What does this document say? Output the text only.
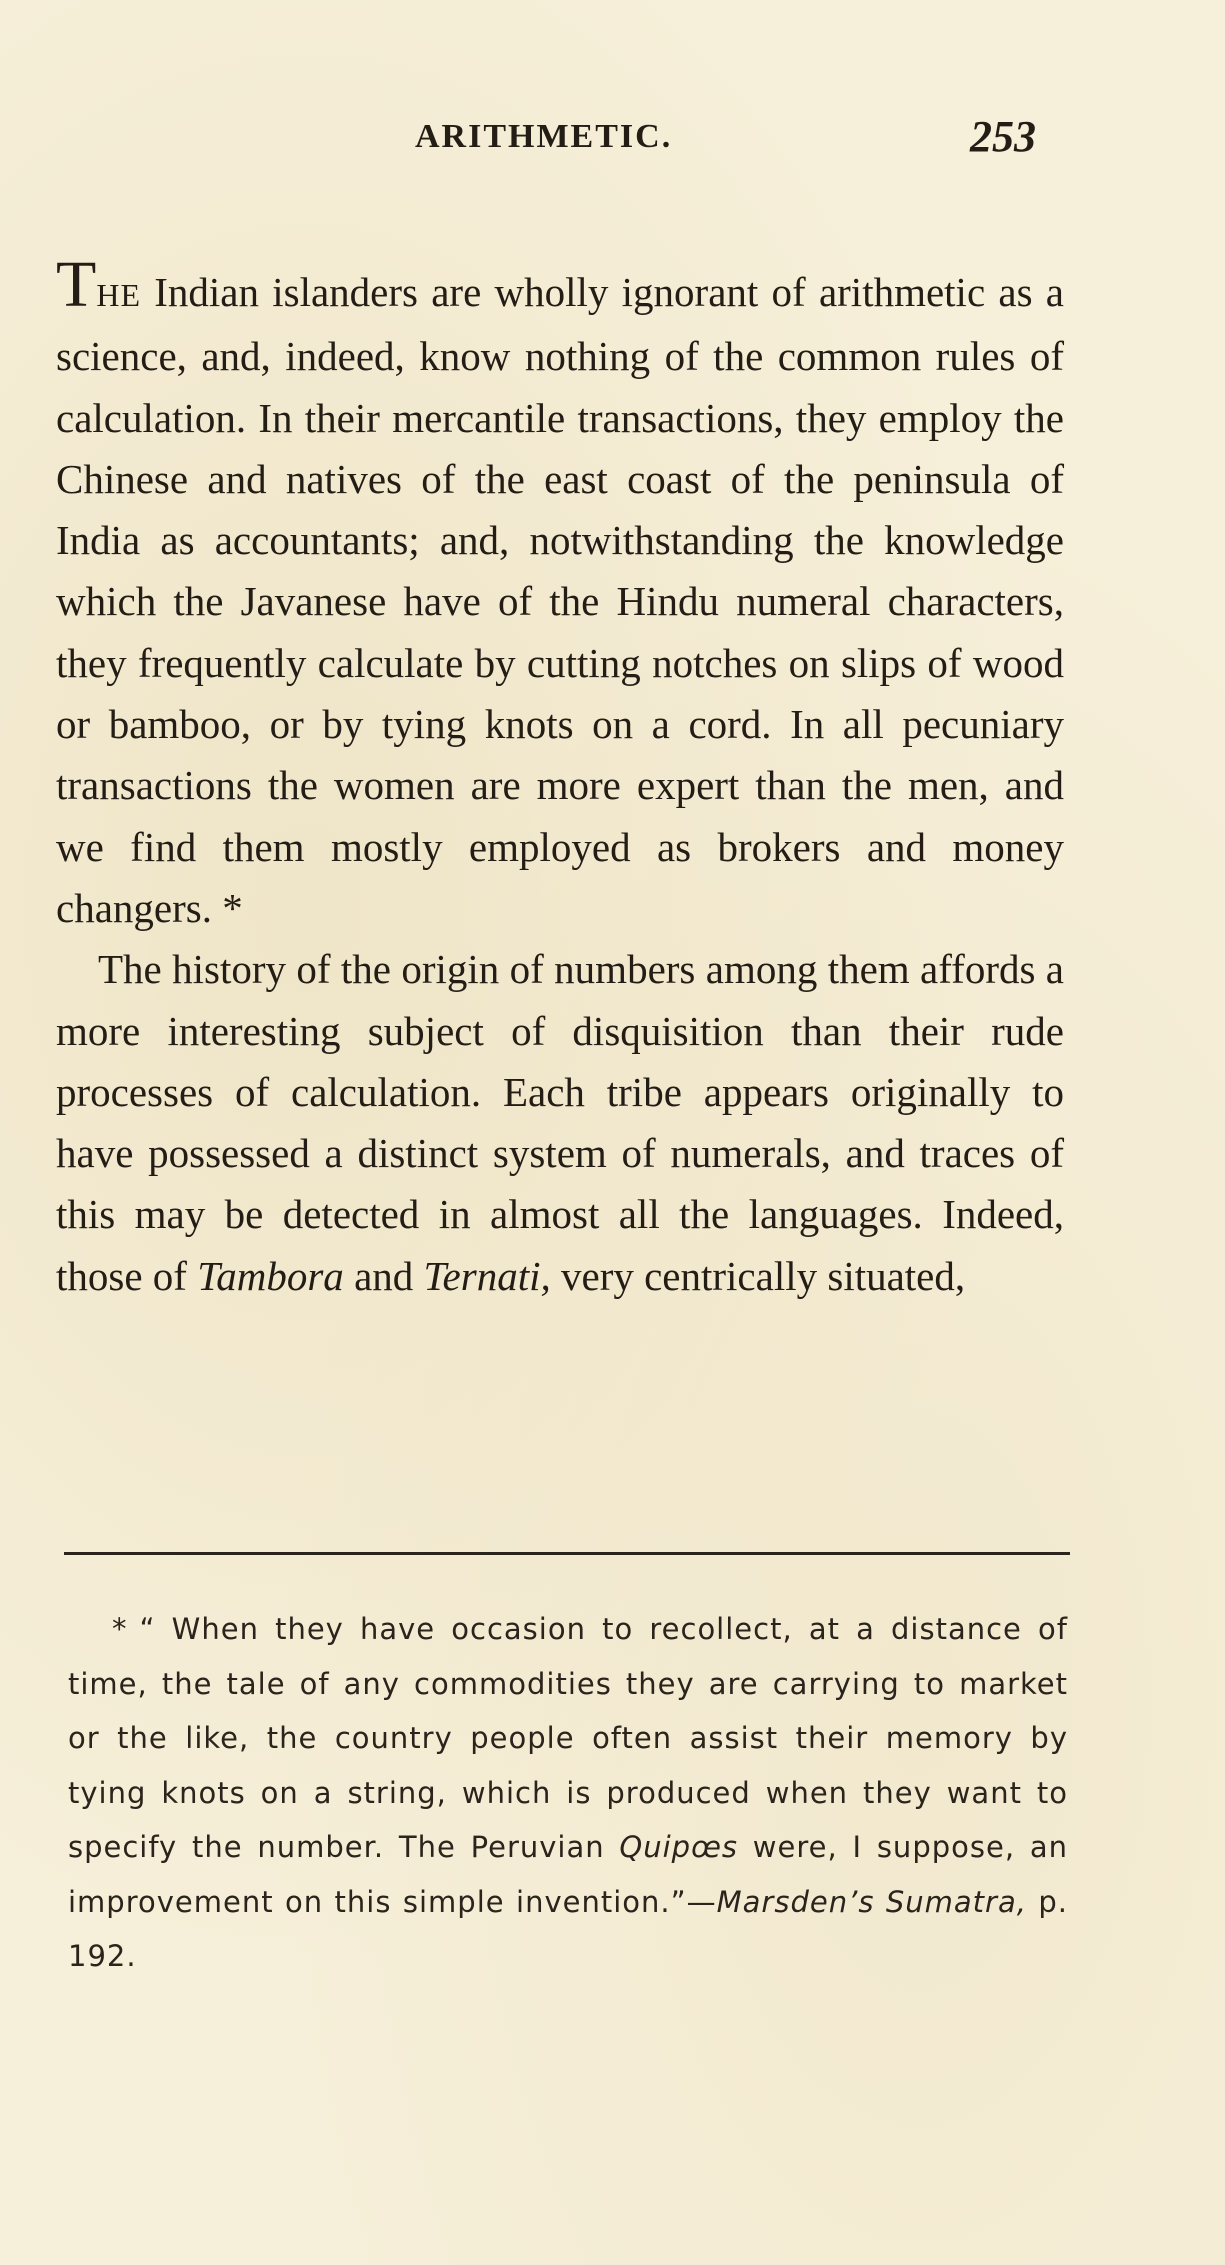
ARITHMETIC.	253

THE Indian islanders are wholly ignorant of arithmetic as a science, and, indeed, know nothing of the common rules of calculation. In their mercantile transactions, they employ the Chinese and natives of the east coast of the peninsula of India as accountants; and, notwithstanding the knowledge which the Javanese have of the Hindu numeral characters, they frequently calculate by cutting notches on slips of wood or bamboo, or by tying knots on a cord. In all pecuniary transactions the women are more expert than the men, and we find them mostly employed as brokers and money changers. *

The history of the origin of numbers among them affords a more interesting subject of disquisition than their rude processes of calculation. Each tribe appears originally to have possessed a distinct system of numerals, and traces of this may be detected in almost all the languages. Indeed, those of Tambora and Ternati, very centrically situated,

* “ When they have occasion to recollect, at a distance of time, the tale of any commodities they are carrying to market or the like, the country people often assist their memory by tying knots on a string, which is produced when they want to specify the number. The Peruvian Quipœs were, I suppose, an improvement on this simple invention.”—Marsden’s Sumatra, p. 192.
